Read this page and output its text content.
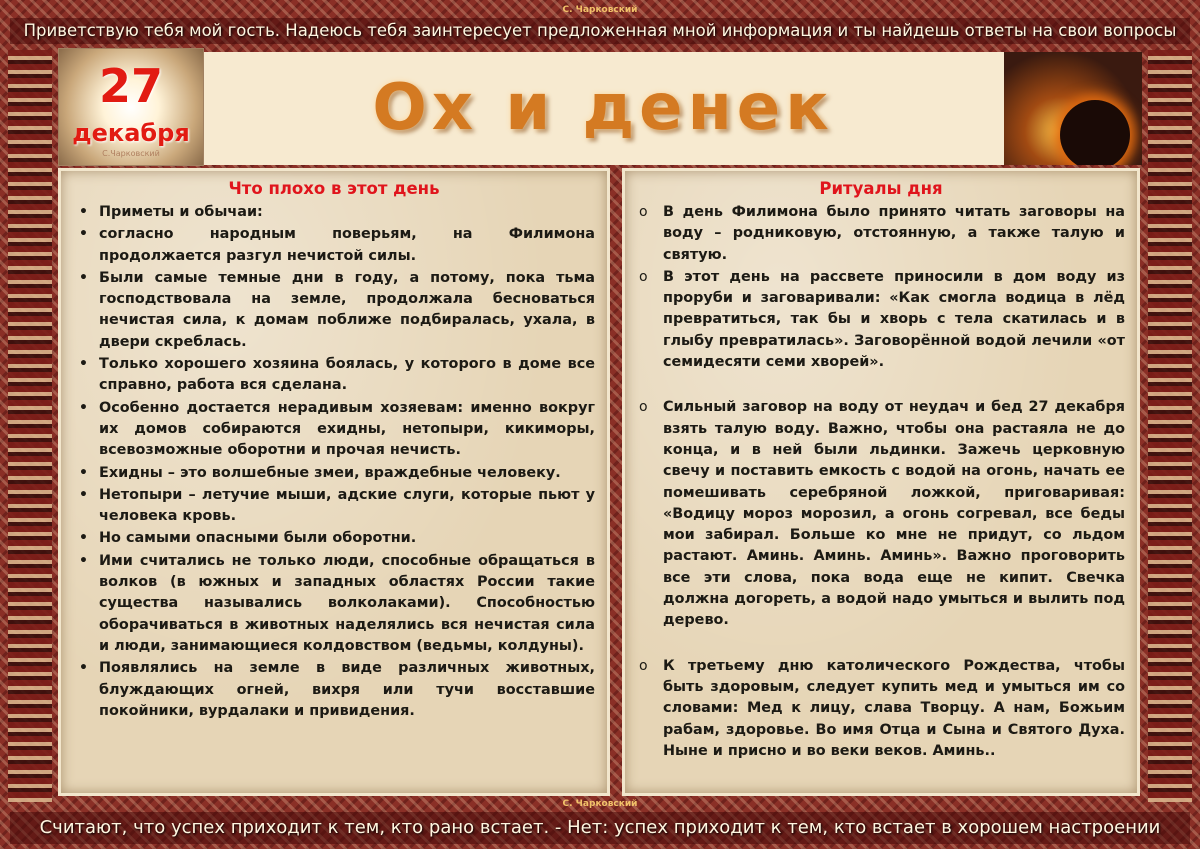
С. Чарковский
Приветствую тебя мой гость. Надеюсь тебя заинтересует предложенная мной информация и ты найдешь ответы на свои вопросы
Ох и денек
27
декабря
С.Чарковский
Что плохо в этот день
• Приметы и обычаи:
• согласно народным поверьям, на Филимона продолжается разгул нечистой силы.
• Были самые темные дни в году, а потому, пока тьма господствовала на земле, продолжала бесноваться нечистая сила, к домам поближе подбиралась, ухала, в двери скреблась.
• Только хорошего хозяина боялась, у которого в доме все справно, работа вся сделана.
• Особенно достается нерадивым хозяевам: именно вокруг их домов собираются ехидны, нетопыри, кикиморы, всевозможные оборотни и прочая нечисть.
• Ехидны – это волшебные змеи, враждебные человеку.
• Нетопыри – летучие мыши, адские слуги, которые пьют у человека кровь.
• Но самыми опасными были оборотни.
• Ими считались не только люди, способные обращаться в волков (в южных и западных областях России такие существа назывались волколаками). Способностью оборачиваться в животных наделялись вся нечистая сила и люди, занимающиеся колдовством (ведьмы, колдуны).
• Появлялись на земле в виде различных животных, блуждающих огней, вихря или тучи восставшие покойники, вурдалаки и привидения.
Ритуалы дня
o В день Филимона было принято читать заговоры на воду – родниковую, отстоянную, а также талую и святую.
o В этот день на рассвете приносили в дом воду из проруби и заговаривали: «Как смогла водица в лёд превратиться, так бы и хворь с тела скатилась и в глыбу превратилась». Заговорённой водой лечили «от семидесяти семи хворей».
o Сильный заговор на воду от неудач и бед 27 декабря взять талую воду. Важно, чтобы она растаяла не до конца, и в ней были льдинки. Зажечь церковную свечу и поставить емкость с водой на огонь, начать ее помешивать серебряной ложкой, приговаривая: «Водицу мороз морозил, а огонь согревал, все беды мои забирал. Больше ко мне не придут, со льдом растают. Аминь. Аминь. Аминь». Важно проговорить все эти слова, пока вода еще не кипит. Свечка должна догореть, а водой надо умыться и вылить под дерево.
o К третьему дню католического Рождества, чтобы быть здоровым, следует купить мед и умыться им со словами: Мед к лицу, слава Творцу. А нам, Божьим рабам, здоровье. Во имя Отца и Сына и Святого Духа. Ныне и присно и во веки веков. Аминь..
С. Чарковский
Считают, что успех приходит к тем, кто рано встает. - Нет: успех приходит к тем, кто встает в хорошем настроении
